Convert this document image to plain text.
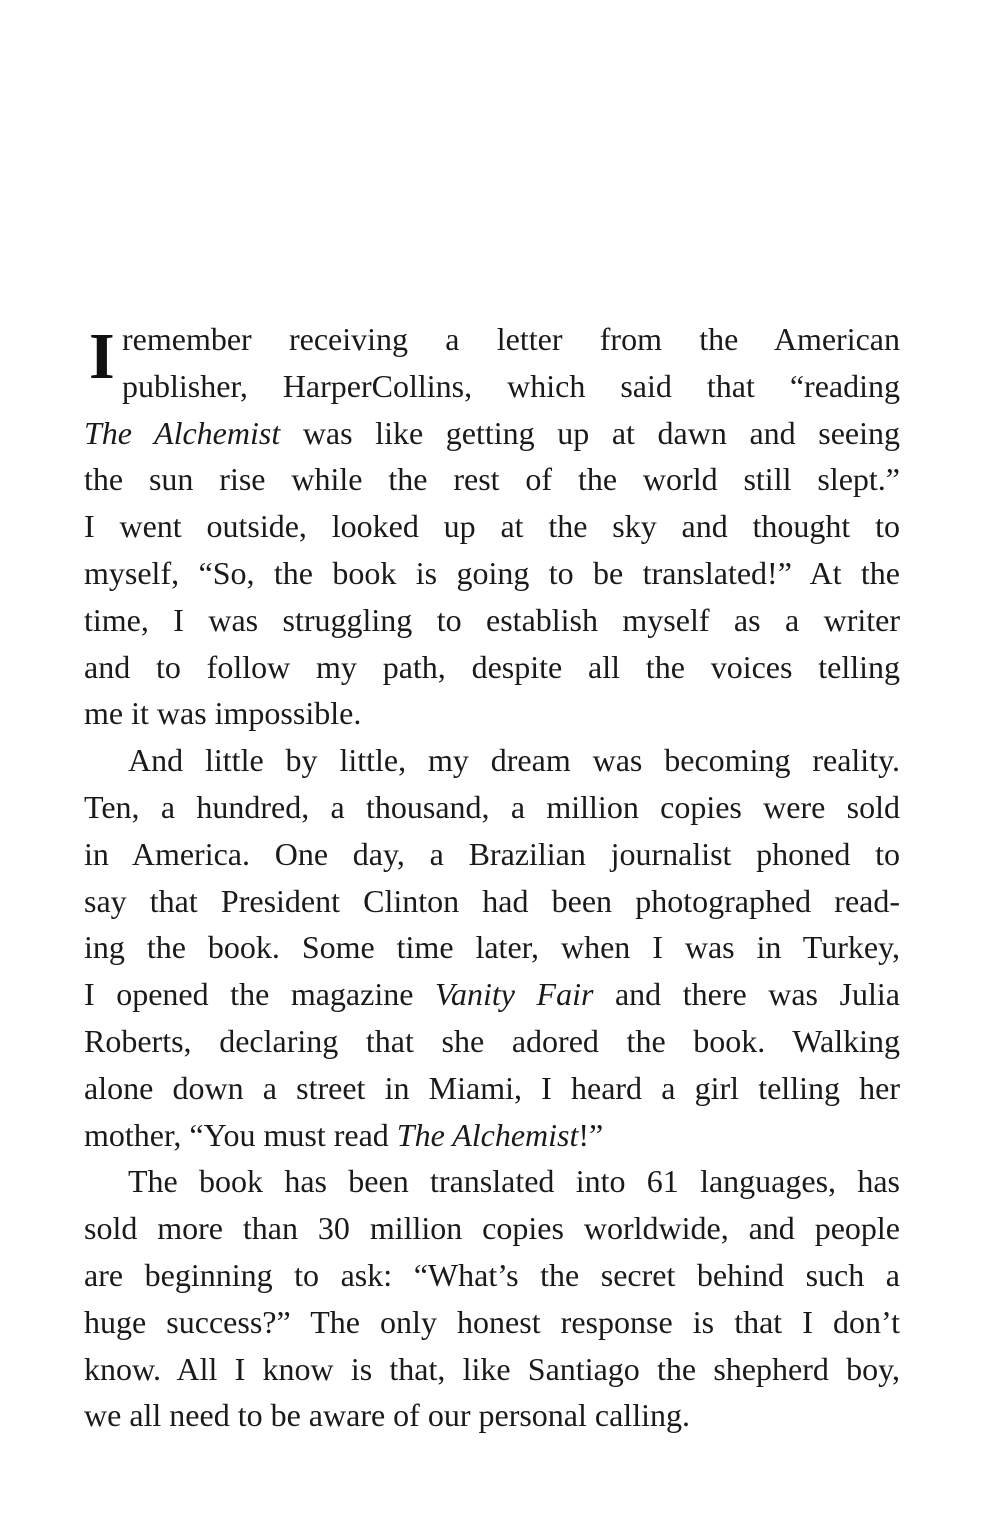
I remember receiving a letter from the American
publisher, HarperCollins, which said that “reading
The Alchemist was like getting up at dawn and seeing
the sun rise while the rest of the world still slept.”
I went outside, looked up at the sky and thought to
myself, “So, the book is going to be translated!” At the
time, I was struggling to establish myself as a writer
and to follow my path, despite all the voices telling
me it was impossible.
And little by little, my dream was becoming reality.
Ten, a hundred, a thousand, a million copies were sold
in America. One day, a Brazilian journalist phoned to
say that President Clinton had been photographed read-
ing the book. Some time later, when I was in Turkey,
I opened the magazine Vanity Fair and there was Julia
Roberts, declaring that she adored the book. Walking
alone down a street in Miami, I heard a girl telling her
mother, “You must read The Alchemist!”
The book has been translated into 61 languages, has
sold more than 30 million copies worldwide, and people
are beginning to ask: “What’s the secret behind such a
huge success?” The only honest response is that I don’t
know. All I know is that, like Santiago the shepherd boy,
we all need to be aware of our personal calling.
